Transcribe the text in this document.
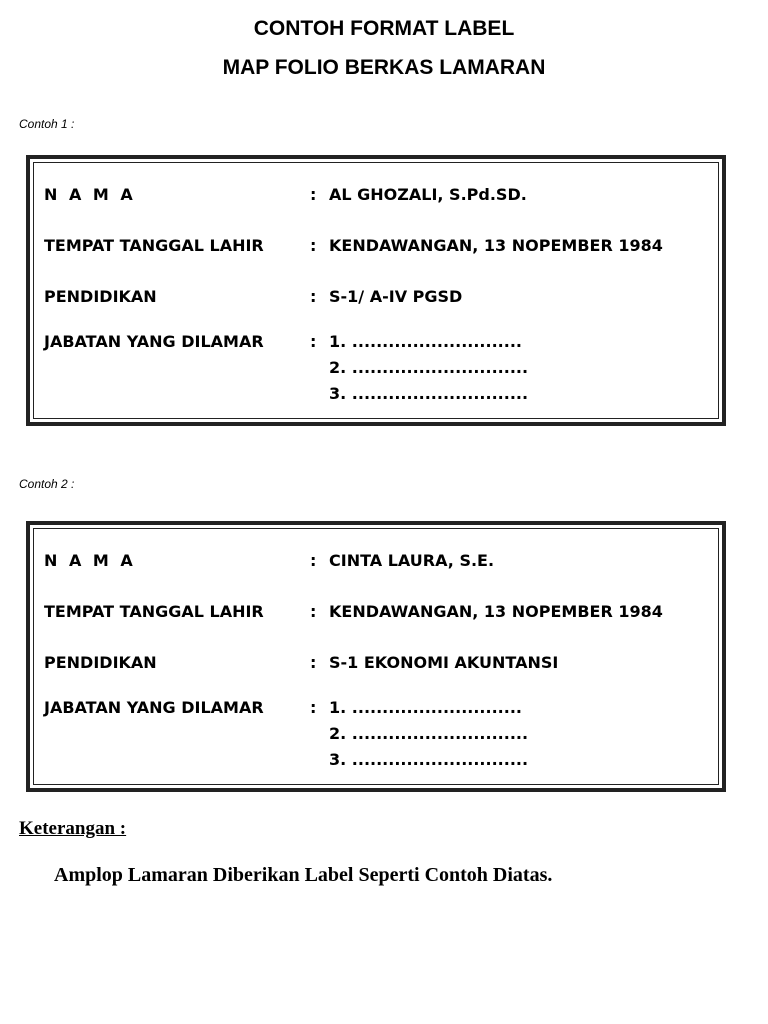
CONTOH FORMAT LABEL
MAP FOLIO BERKAS LAMARAN
Contoh 1 :
N A M A	: AL GHOZALI, S.Pd.SD.
TEMPAT TANGGAL LAHIR	: KENDAWANGAN, 13 NOPEMBER 1984
PENDIDIKAN	: S-1/ A-IV PGSD
JABATAN YANG DILAMAR	: 1. ............................
2. .............................
3. .............................
Contoh 2 :
N A M A	: CINTA LAURA, S.E.
TEMPAT TANGGAL LAHIR	: KENDAWANGAN, 13 NOPEMBER 1984
PENDIDIKAN	: S-1 EKONOMI AKUNTANSI
JABATAN YANG DILAMAR	: 1. ............................
2. .............................
3. .............................
Keterangan :
Amplop Lamaran Diberikan Label Seperti Contoh Diatas.
